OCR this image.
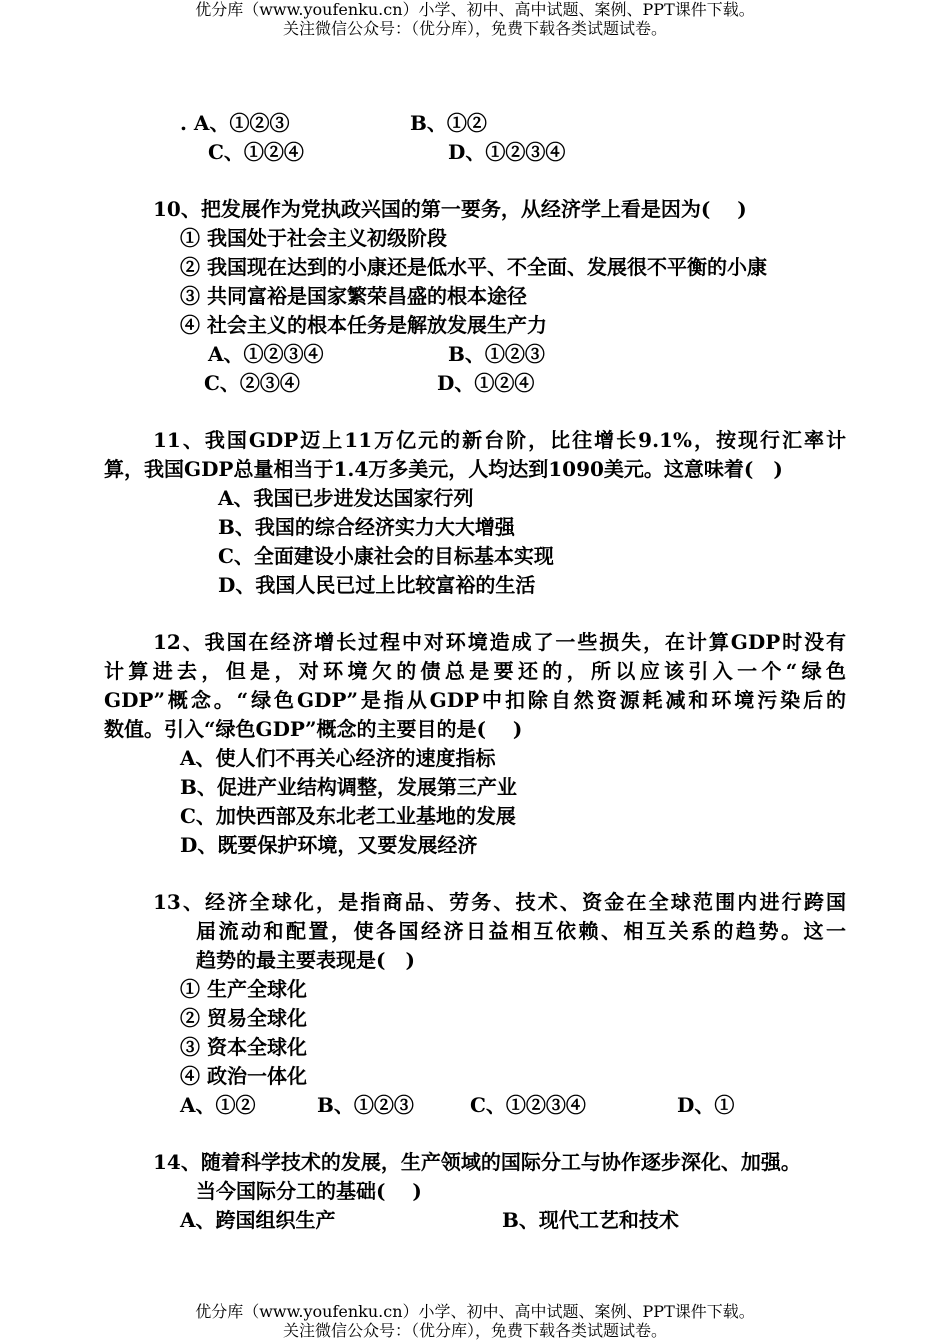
优分库（www.youfenku.cn）小学、初中、高中试题、案例、PPT课件下载。
关注微信公众号：（优分库），免费下载各类试题试卷。
. A、①②③	B、①②
C、①②④	D、①②③④
10、把发展作为党执政兴国的第一要务，从经济学上看是因为(　 )
① 我国处于社会主义初级阶段
② 我国现在达到的小康还是低水平、不全面、发展很不平衡的小康
③ 共同富裕是国家繁荣昌盛的根本途径
④ 社会主义的根本任务是解放发展生产力
A、①②③④	B、①②③
C、②③④	D、①②④
11、我国GDP迈上11万亿元的新台阶，比往增长9.1%，按现行汇率计
算，我国GDP总量相当于1.4万多美元，人均达到1090美元。这意味着(　)
A、我国已步进发达国家行列
B、我国的综合经济实力大大增强
C、全面建设小康社会的目标基本实现
D、我国人民已过上比较富裕的生活
12、我国在经济增长过程中对环境造成了一些损失，在计算GDP时没有
计算进去，但是，对环境欠的债总是要还的，所以应该引入一个“绿色
GDP”概念。“绿色GDP”是指从GDP中扣除自然资源耗减和环境污染后的
数值。引入“绿色GDP”概念的主要目的是(　 )
A、使人们不再关心经济的速度指标
B、促进产业结构调整，发展第三产业
C、加快西部及东北老工业基地的发展
D、既要保护环境，又要发展经济
13、经济全球化，是指商品、劳务、技术、资金在全球范围内进行跨国
届流动和配置，使各国经济日益相互依赖、相互关系的趋势。这一
趋势的最主要表现是(　)
① 生产全球化
② 贸易全球化
③ 资本全球化
④ 政治一体化
A、①②	B、①②③	C、①②③④	D、①
14、随着科学技术的发展，生产领域的国际分工与协作逐步深化、加强。
当今国际分工的基础(　 )
A、跨国组织生产	B、现代工艺和技术
优分库（www.youfenku.cn）小学、初中、高中试题、案例、PPT课件下载。
关注微信公众号：（优分库），免费下载各类试题试卷。
